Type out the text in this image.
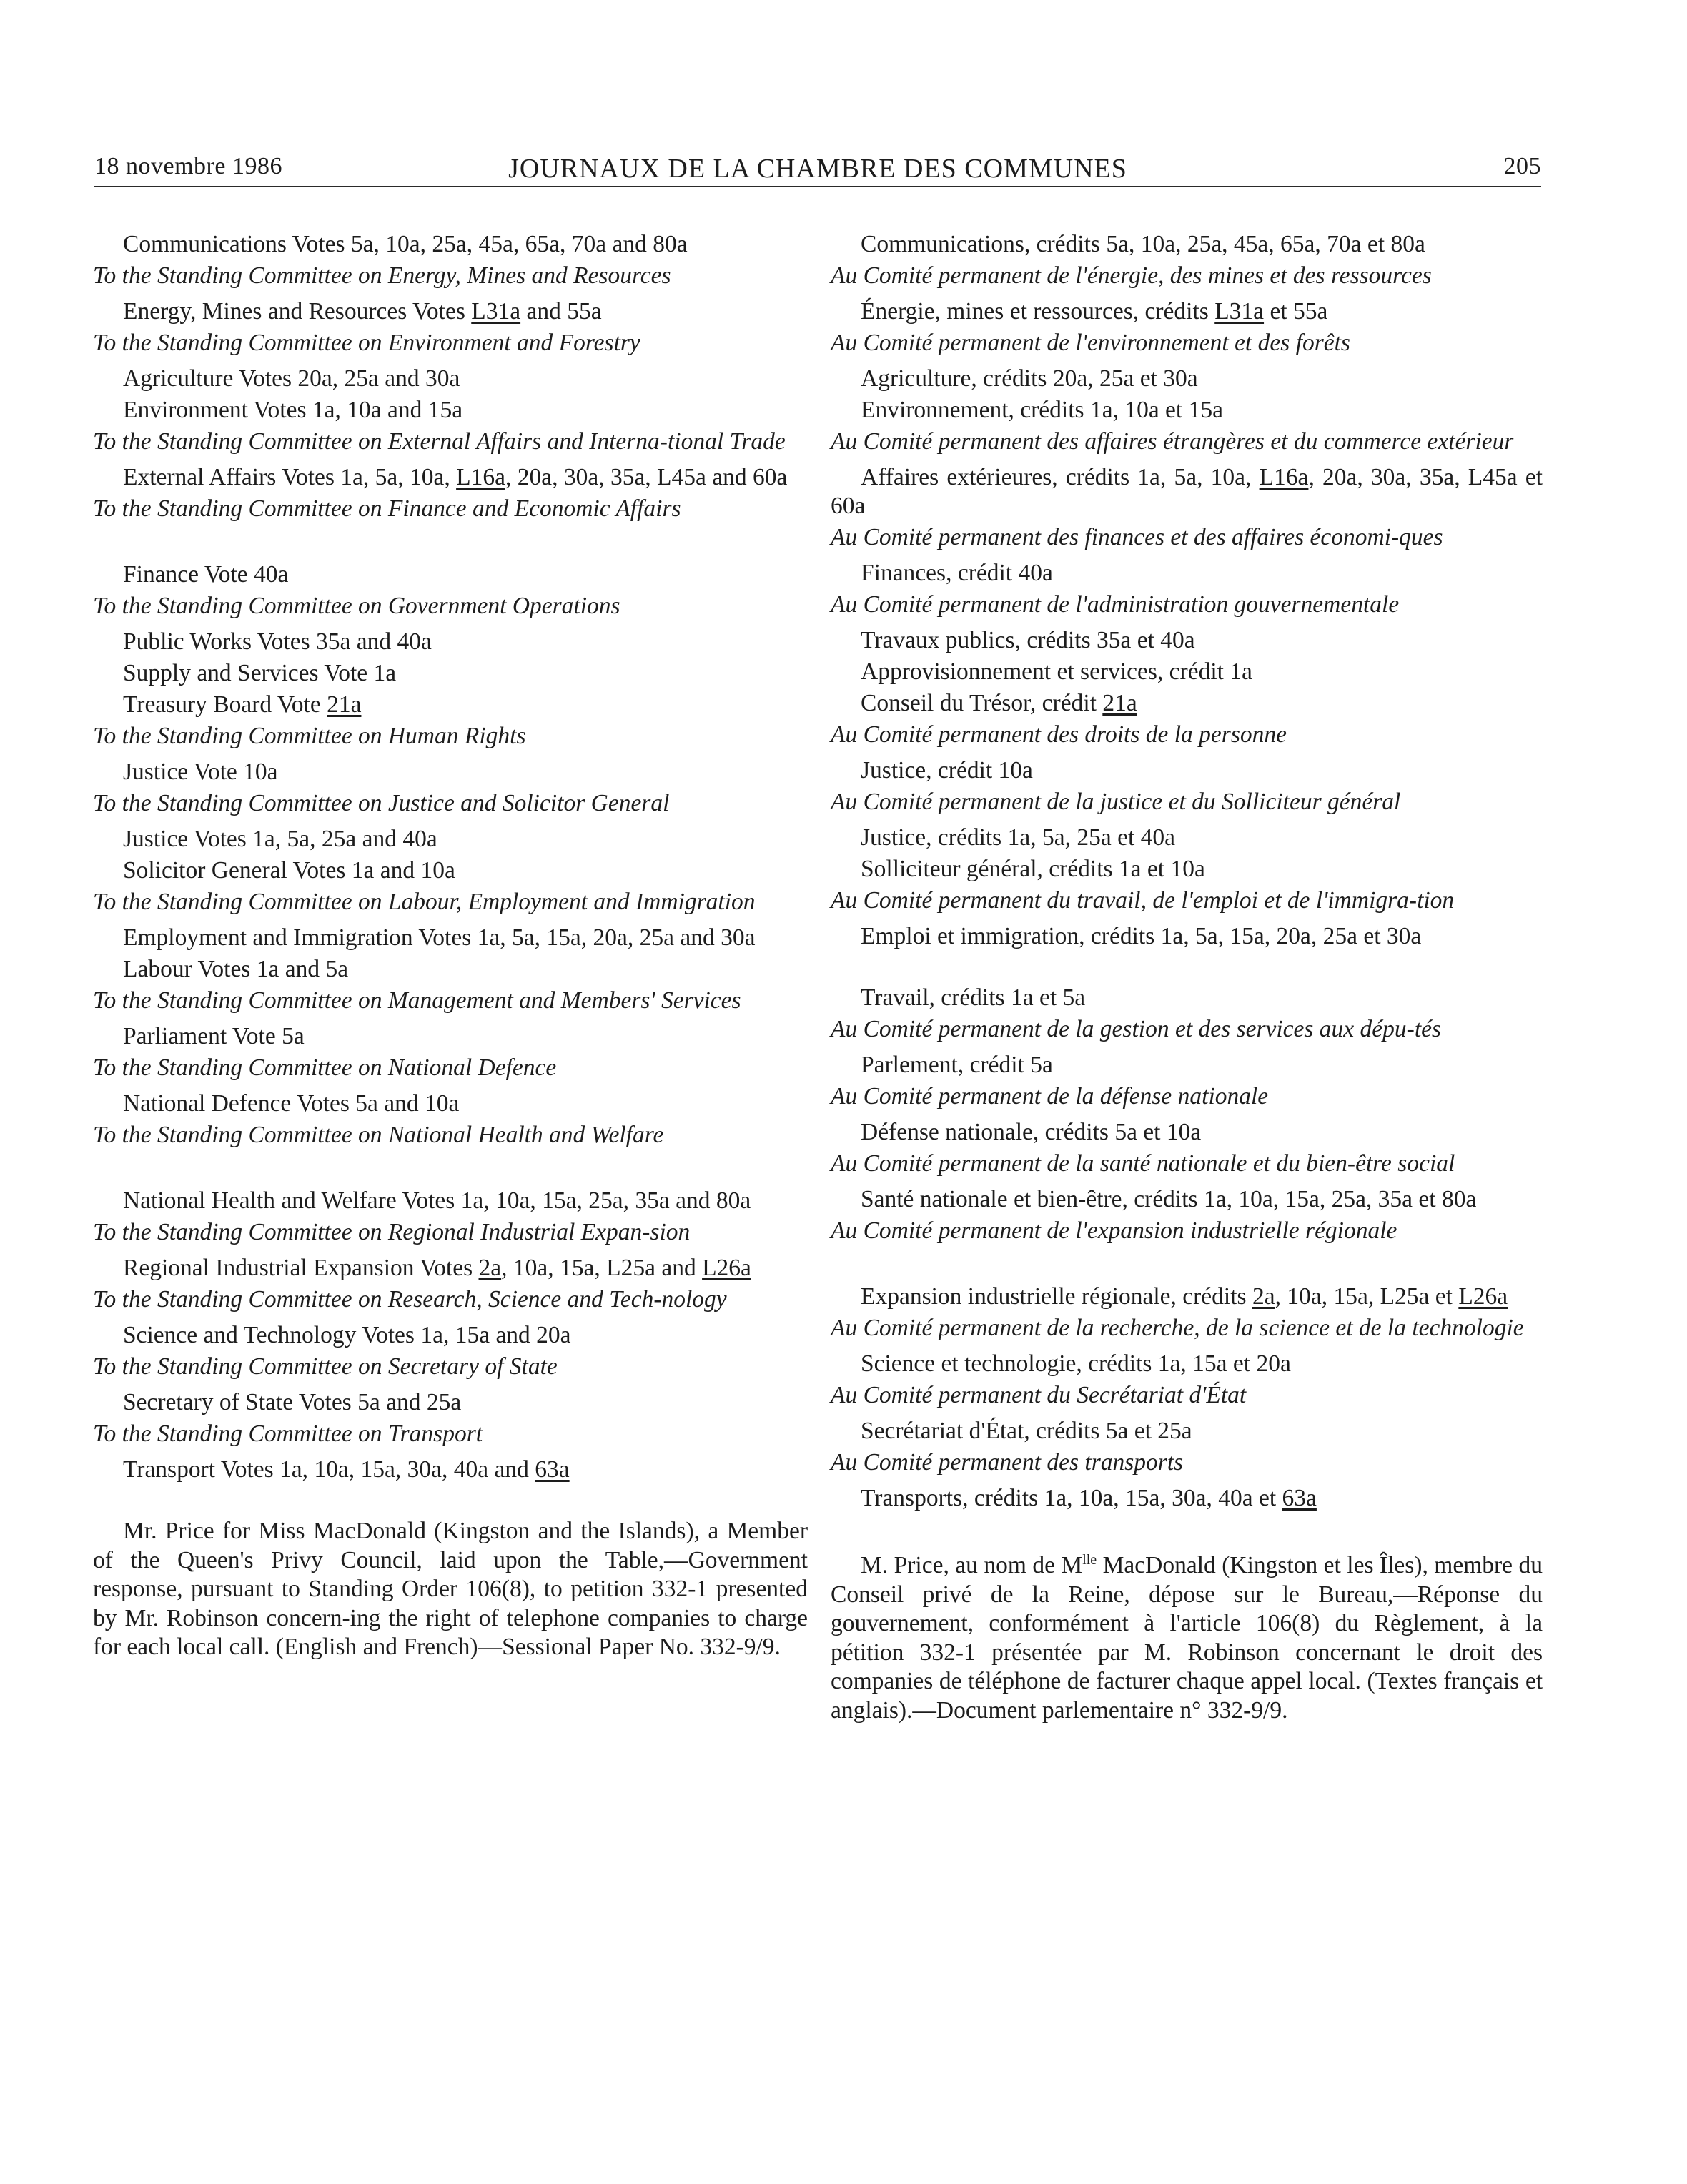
18 novembre 1986	JOURNAUX DE LA CHAMBRE DES COMMUNES	205
Communications Votes 5a, 10a, 25a, 45a, 65a, 70a and 80a
To the Standing Committee on Energy, Mines and Resources
Energy, Mines and Resources Votes L31a and 55a
To the Standing Committee on Environment and Forestry
Agriculture Votes 20a, 25a and 30a
Environment Votes 1a, 10a and 15a
To the Standing Committee on External Affairs and Interna-tional Trade
External Affairs Votes 1a, 5a, 10a, L16a, 20a, 30a, 35a, L45a and 60a
To the Standing Committee on Finance and Economic Affairs
Finance Vote 40a
To the Standing Committee on Government Operations
Public Works Votes 35a and 40a
Supply and Services Vote 1a
Treasury Board Vote 21a
To the Standing Committee on Human Rights
Justice Vote 10a
To the Standing Committee on Justice and Solicitor General
Justice Votes 1a, 5a, 25a and 40a
Solicitor General Votes 1a and 10a
To the Standing Committee on Labour, Employment and Immigration
Employment and Immigration Votes 1a, 5a, 15a, 20a, 25a and 30a
Labour Votes 1a and 5a
To the Standing Committee on Management and Members' Services
Parliament Vote 5a
To the Standing Committee on National Defence
National Defence Votes 5a and 10a
To the Standing Committee on National Health and Welfare
National Health and Welfare Votes 1a, 10a, 15a, 25a, 35a and 80a
To the Standing Committee on Regional Industrial Expan-sion
Regional Industrial Expansion Votes 2a, 10a, 15a, L25a and L26a
To the Standing Committee on Research, Science and Tech-nology
Science and Technology Votes 1a, 15a and 20a
To the Standing Committee on Secretary of State
Secretary of State Votes 5a and 25a
To the Standing Committee on Transport
Transport Votes 1a, 10a, 15a, 30a, 40a and 63a
Mr. Price for Miss MacDonald (Kingston and the Islands), a Member of the Queen's Privy Council, laid upon the Table,—Government response, pursuant to Standing Order 106(8), to petition 332-1 presented by Mr. Robinson concern-ing the right of telephone companies to charge for each local call. (English and French)—Sessional Paper No. 332-9/9.
Communications, crédits 5a, 10a, 25a, 45a, 65a, 70a et 80a
Au Comité permanent de l'énergie, des mines et des ressources
Énergie, mines et ressources, crédits L31a et 55a
Au Comité permanent de l'environnement et des forêts
Agriculture, crédits 20a, 25a et 30a
Environnement, crédits 1a, 10a et 15a
Au Comité permanent des affaires étrangères et du commerce extérieur
Affaires extérieures, crédits 1a, 5a, 10a, L16a, 20a, 30a, 35a, L45a et 60a
Au Comité permanent des finances et des affaires économi-ques
Finances, crédit 40a
Au Comité permanent de l'administration gouvernementale
Travaux publics, crédits 35a et 40a
Approvisionnement et services, crédit 1a
Conseil du Trésor, crédit 21a
Au Comité permanent des droits de la personne
Justice, crédit 10a
Au Comité permanent de la justice et du Solliciteur général
Justice, crédits 1a, 5a, 25a et 40a
Solliciteur général, crédits 1a et 10a
Au Comité permanent du travail, de l'emploi et de l'immigra-tion
Emploi et immigration, crédits 1a, 5a, 15a, 20a, 25a et 30a
Travail, crédits 1a et 5a
Au Comité permanent de la gestion et des services aux dépu-tés
Parlement, crédit 5a
Au Comité permanent de la défense nationale
Défense nationale, crédits 5a et 10a
Au Comité permanent de la santé nationale et du bien-être social
Santé nationale et bien-être, crédits 1a, 10a, 15a, 25a, 35a et 80a
Au Comité permanent de l'expansion industrielle régionale
Expansion industrielle régionale, crédits 2a, 10a, 15a, L25a et L26a
Au Comité permanent de la recherche, de la science et de la technologie
Science et technologie, crédits 1a, 15a et 20a
Au Comité permanent du Secrétariat d'État
Secrétariat d'État, crédits 5a et 25a
Au Comité permanent des transports
Transports, crédits 1a, 10a, 15a, 30a, 40a et 63a
M. Price, au nom de $M^{lle}$ MacDonald (Kingston et les Îles), membre du Conseil privé de la Reine, dépose sur le Bureau,—Réponse du gouvernement, conformément à l'article 106(8) du Règlement, à la pétition 332-1 présentée par M. Robinson concernant le droit des companies de téléphone de facturer chaque appel local. (Textes français et anglais).—Document parlementaire n° 332-9/9.
